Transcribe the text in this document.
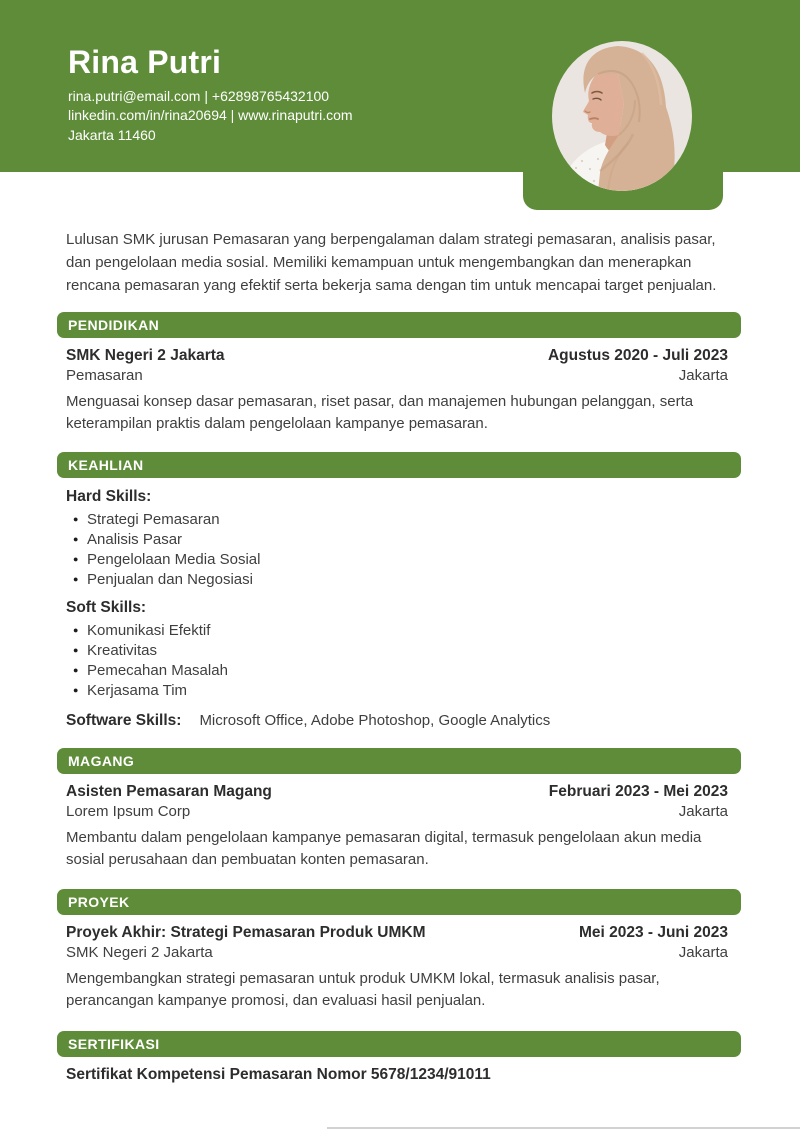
Rina Putri
rina.putri@email.com | +62898765432100
linkedin.com/in/rina20694 | www.rinaputri.com
Jakarta 11460

Lulusan SMK jurusan Pemasaran yang berpengalaman dalam strategi pemasaran, analisis pasar, dan pengelolaan media sosial. Memiliki kemampuan untuk mengembangkan dan menerapkan rencana pemasaran yang efektif serta bekerja sama dengan tim untuk mencapai target penjualan.

PENDIDIKAN
SMK Negeri 2 Jakarta	Agustus 2020 - Juli 2023
Pemasaran	Jakarta

Menguasai konsep dasar pemasaran, riset pasar, dan manajemen hubungan pelanggan, serta keterampilan praktis dalam pengelolaan kampanye pemasaran.

KEAHLIAN
Hard Skills:
● Strategi Pemasaran
● Analisis Pasar
● Pengelolaan Media Sosial
● Penjualan dan Negosiasi
Soft Skills:
● Komunikasi Efektif
● Kreativitas
● Pemecahan Masalah
● Kerjasama Tim
Software Skills: Microsoft Office, Adobe Photoshop, Google Analytics
MAGANG
Asisten Pemasaran Magang	Februari 2023 - Mei 2023
Lorem Ipsum Corp	Jakarta

Membantu dalam pengelolaan kampanye pemasaran digital, termasuk pengelolaan akun media sosial perusahaan dan pembuatan konten pemasaran.

PROYEK
Proyek Akhir: Strategi Pemasaran Produk UMKM	Mei 2023 - Juni 2023
SMK Negeri 2 Jakarta	Jakarta

Mengembangkan strategi pemasaran untuk produk UMKM lokal, termasuk analisis pasar, perancangan kampanye promosi, dan evaluasi hasil penjualan.

SERTIFIKASI
Sertifikat Kompetensi Pemasaran Nomor 5678/1234/91011
